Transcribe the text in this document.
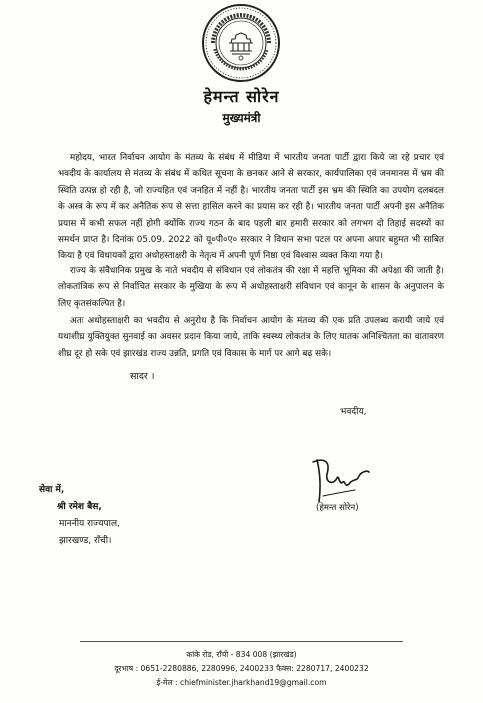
हेमन्त सोरेन
मुख्यमंत्री

महोदय, भारत निर्वाचन आयोग के मंतव्य के संबंध में मीडिया में भारतीय जनता पार्टी द्वारा किये जा रहे प्रचार एवं भवदीय के कार्यालय से मंतव्य के संबंध में कथित सूचना के छनकर आने से सरकार, कार्यपालिका एवं जनमानस में भ्रम की स्थिति उत्पन्न हो रही है, जो राज्यहित एवं जनहित में नहीं है। भारतीय जनता पार्टी इस भ्रम की स्थिति का उपयोग दलबदल के अस्त्र के रूप में कर अनैतिक रूप से सत्ता हासिल करने का प्रयास कर रही है। भारतीय जनता पार्टी अपनी इस अनैतिक प्रयास में कभी सफल नहीं होगी क्योंकि राज्य गठन के बाद पहली बार हमारी सरकार को लगभग दो तिहाई सदस्यों का समर्थन प्राप्त है। दिनांक 05.09. 2022 को यू०पी०ए० सरकार ने विधान सभा पटल पर अपना अपार बहुमत भी साबित किया है एवं विधायकों द्वारा अधोहस्ताक्षरी के नेतृत्व में अपनी पूर्ण निष्ठा एवं विश्वास व्यक्त किया गया है।

राज्य के संवैधानिक प्रमुख के नाते भवदीय से संविधान एवं लोकतंत्र की रक्षा में महत्ति भूमिका की अपेक्षा की जाती है। लोकतांत्रिक रूप से निर्वाचित सरकार के मुखिया के रूप में अधोहस्ताक्षरी संविधान एवं कानून के शासन के अनुपालन के लिए कृतसंकल्पित है।

अतः अधोहस्ताक्षरी का भवदीय से अनुरोध है कि निर्वाचन आयोग के मंतव्य की एक प्रति उपलब्ध करायी जाये एवं यथाशीघ्र युक्तियुक्त सुनवाई का अवसर प्रदान किया जाये, ताकि स्वस्थ्य लोकतंत्र के लिए घातक अनिश्चितता का वातावरण शीघ्र दूर हो सके एवं झारखंड राज्य उन्नति, प्रगति एवं विकास के मार्ग पर आगे बढ़ सके।

सादर ।
भवदीय,
(हेमन्त सोरेन)
सेवा में,
श्री रमेश बैस,
माननीय राज्यपाल,
झारखण्ड, राँची।
कांके रोड, राँची - 834 008 (झारखंड)
दूरभाष : 0651-2280886, 2280996, 2400233 फैक्स: 2280717, 2400232
ई-मेल : chiefminister.jharkhand19@gmail.com
